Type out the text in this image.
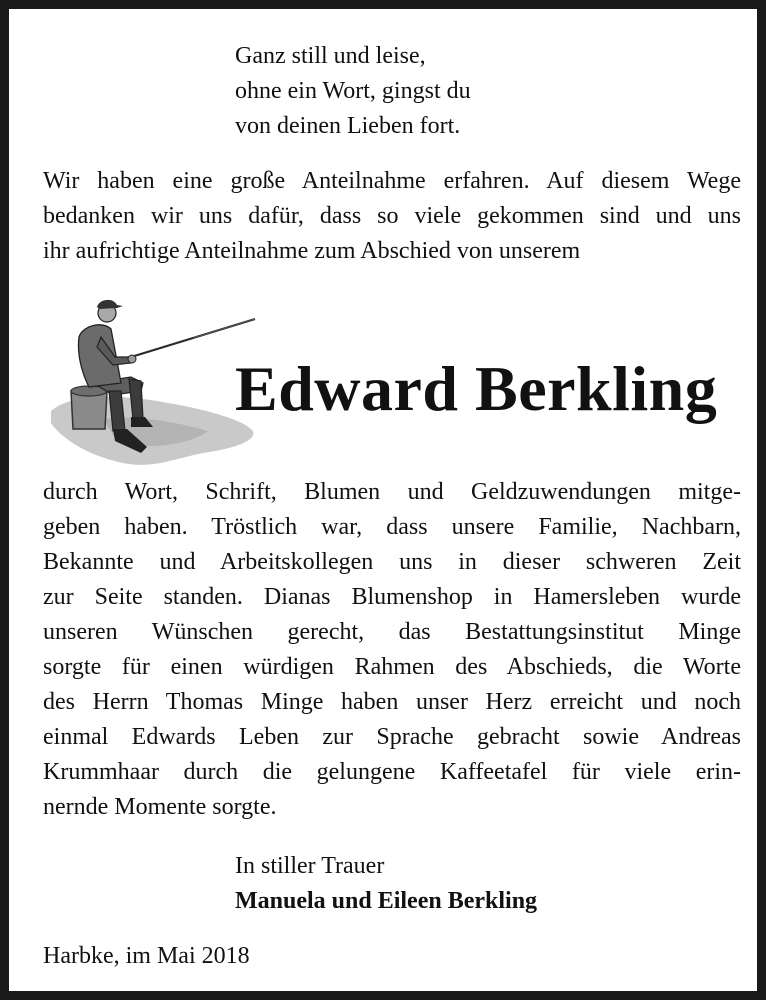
Ganz still und leise,
ohne ein Wort, gingst du
von deinen Lieben fort.
Wir haben eine große Anteilnahme erfahren. Auf diesem Wege
bedanken wir uns dafür, dass so viele gekommen sind und uns
ihr aufrichtige Anteilnahme zum Abschied von unserem
Edward Berkling
durch Wort, Schrift, Blumen und Geldzuwendungen mitge-
geben haben. Tröstlich war, dass unsere Familie, Nachbarn,
Bekannte und Arbeitskollegen uns in dieser schweren Zeit
zur Seite standen. Dianas Blumenshop in Hamersleben wurde
unseren Wünschen gerecht, das Bestattungsinstitut Minge
sorgte für einen würdigen Rahmen des Abschieds, die Worte
des Herrn Thomas Minge haben unser Herz erreicht und noch
einmal Edwards Leben zur Sprache gebracht sowie Andreas
Krummhaar durch die gelungene Kaffeetafel für viele erin-
nernde Momente sorgte.
In stiller Trauer
Manuela und Eileen Berkling
Harbke, im Mai 2018
